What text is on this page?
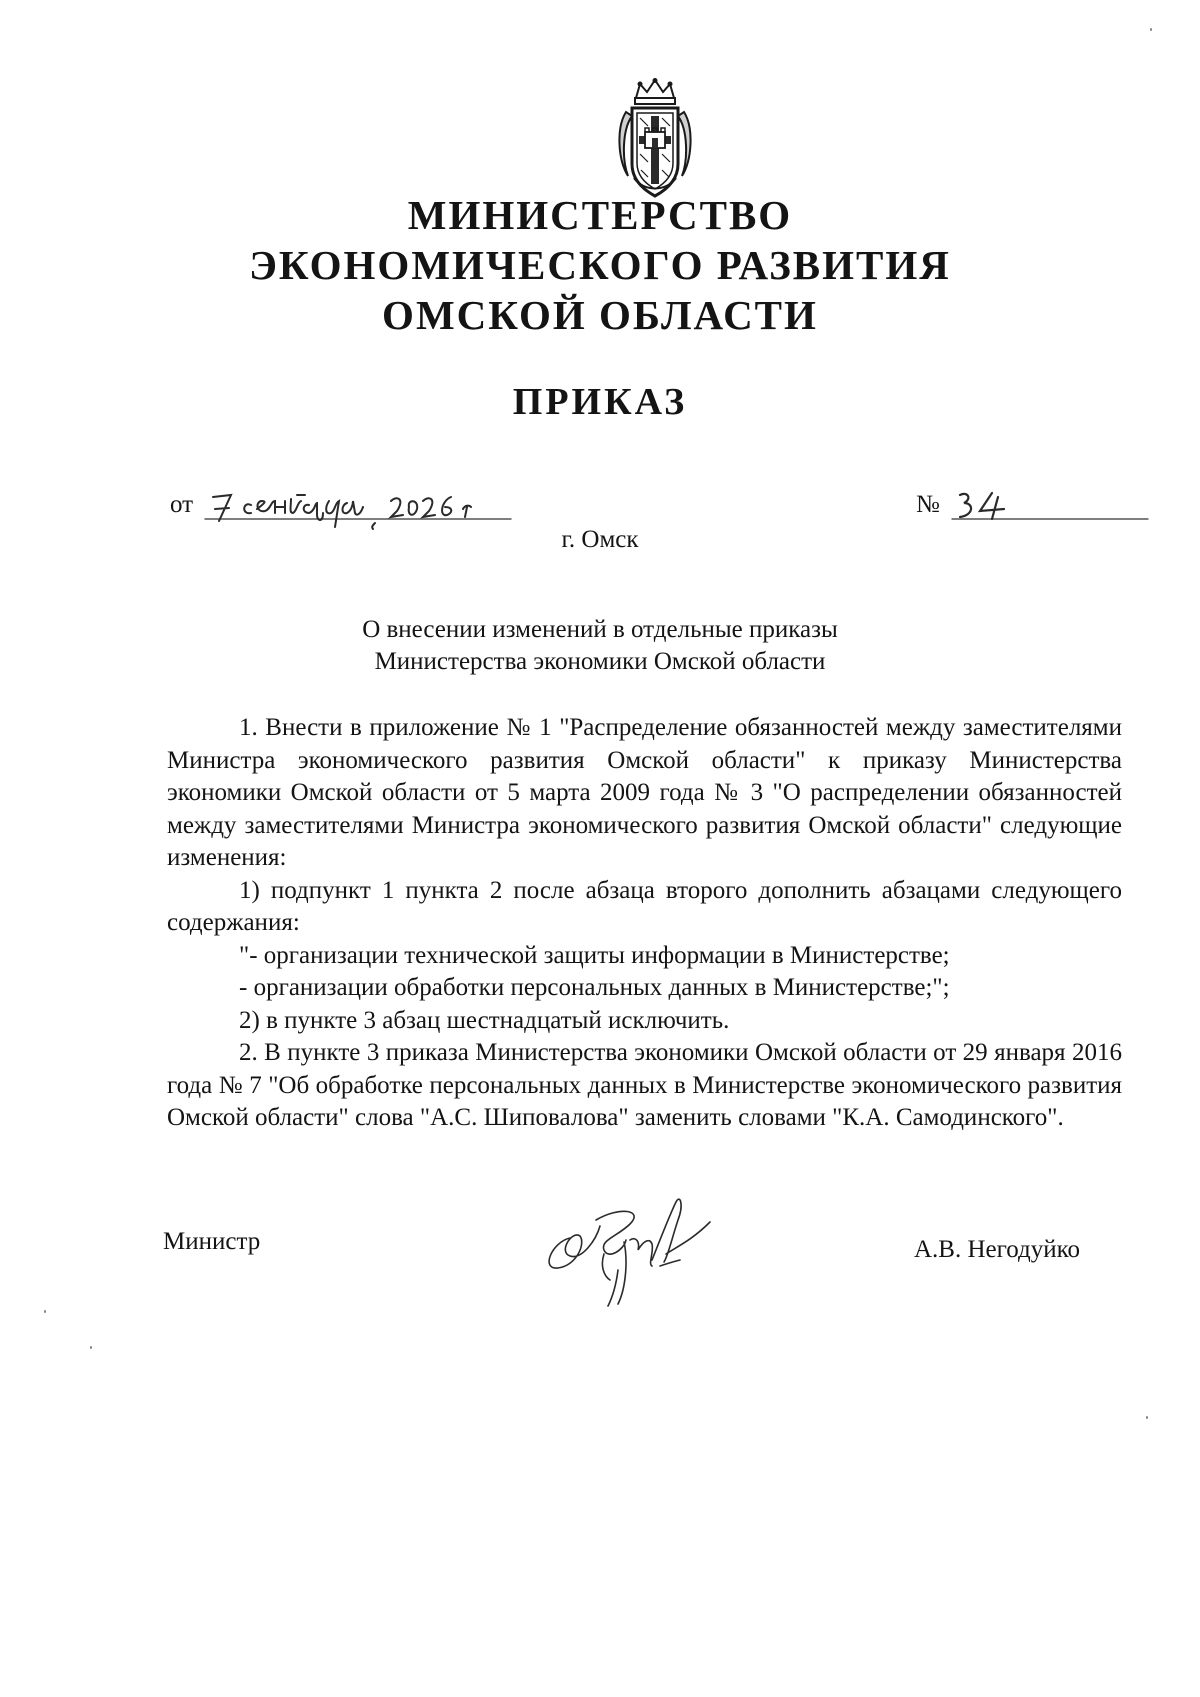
МИНИСТЕРСТВО
ЭКОНОМИЧЕСКОГО РАЗВИТИЯ
ОМСКОЙ ОБЛАСТИ
ПРИКАЗ
от	№
г. Омск
О внесении изменений в отдельные приказы
Министерства экономики Омской области

1. Внести в приложение № 1 "Распределение обязанностей между заместителями Министра экономического развития Омской области" к приказу Министерства экономики Омской области от 5 марта 2009 года № 3 "О распределении обязанностей между заместителями Министра экономического развития Омской области" следующие изменения:

1) подпункт 1 пункта 2 после абзаца второго дополнить абзацами следующего содержания:

"- организации технической защиты информации в Министерстве;

- организации обработки персональных данных в Министерстве;";

2) в пункте 3 абзац шестнадцатый исключить.

2. В пункте 3 приказа Министерства экономики Омской области от 29 января 2016 года № 7 "Об обработке персональных данных в Министерстве экономического развития Омской области" слова "А.С. Шиповалова" заменить словами "К.А. Самодинского".

Министр	А.В. Негодуйко
